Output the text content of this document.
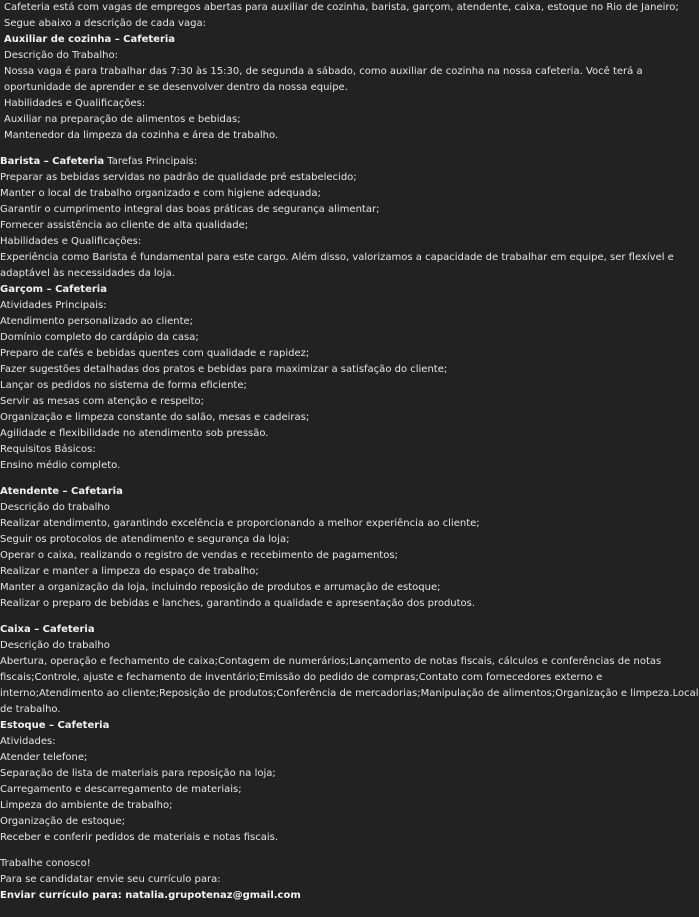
Cafeteria está com vagas de empregos abertas para auxiliar de cozinha, barista, garçom, atendente, caixa, estoque no Rio de Janeiro;
Segue abaixo a descrição de cada vaga:
Auxiliar de cozinha – Cafeteria
Descrição do Trabalho:
Nossa vaga é para trabalhar das 7:30 às 15:30, de segunda a sábado, como auxiliar de cozinha na nossa cafeteria. Você terá a
oportunidade de aprender e se desenvolver dentro da nossa equipe.
Habilidades e Qualificações:
Auxiliar na preparação de alimentos e bebidas;
Mantenedor da limpeza da cozinha e área de trabalho.
Barista – Cafeteria Tarefas Principais:
Preparar as bebidas servidas no padrão de qualidade pré estabelecido;
Manter o local de trabalho organizado e com higiene adequada;
Garantir o cumprimento integral das boas práticas de segurança alimentar;
Fornecer assistência ao cliente de alta qualidade;
Habilidades e Qualificações:
Experiência como Barista é fundamental para este cargo. Além disso, valorizamos a capacidade de trabalhar em equipe, ser flexível e
adaptável às necessidades da loja.
Garçom – Cafeteria
Atividades Principais:
Atendimento personalizado ao cliente;
Domínio completo do cardápio da casa;
Preparo de cafés e bebidas quentes com qualidade e rapidez;
Fazer sugestões detalhadas dos pratos e bebidas para maximizar a satisfação do cliente;
Lançar os pedidos no sistema de forma eficiente;
Servir as mesas com atenção e respeito;
Organização e limpeza constante do salão, mesas e cadeiras;
Agilidade e flexibilidade no atendimento sob pressão.
Requisitos Básicos:
Ensino médio completo.
Atendente – Cafetaria
Descrição do trabalho
Realizar atendimento, garantindo excelência e proporcionando a melhor experiência ao cliente;
Seguir os protocolos de atendimento e segurança da loja;
Operar o caixa, realizando o registro de vendas e recebimento de pagamentos;
Realizar e manter a limpeza do espaço de trabalho;
Manter a organização da loja, incluindo reposição de produtos e arrumação de estoque;
Realizar o preparo de bebidas e lanches, garantindo a qualidade e apresentação dos produtos.
Caixa – Cafeteria
Descrição do trabalho
Abertura, operação e fechamento de caixa;Contagem de numerários;Lançamento de notas fiscais, cálculos e conferências de notas
fiscais;Controle, ajuste e fechamento de inventário;Emissão do pedido de compras;Contato com fornecedores externo e
interno;Atendimento ao cliente;Reposição de produtos;Conferência de mercadorias;Manipulação de alimentos;Organização e limpeza.Local
de trabalho.
Estoque – Cafeteria
Atividades:
Atender telefone;
Separação de lista de materiais para reposição na loja;
Carregamento e descarregamento de materiais;
Limpeza do ambiente de trabalho;
Organização de estoque;
Receber e conferir pedidos de materiais e notas fiscais.
Trabalhe conosco!
Para se candidatar envie seu currículo para:
Enviar currículo para: natalia.grupotenaz@gmail.com
